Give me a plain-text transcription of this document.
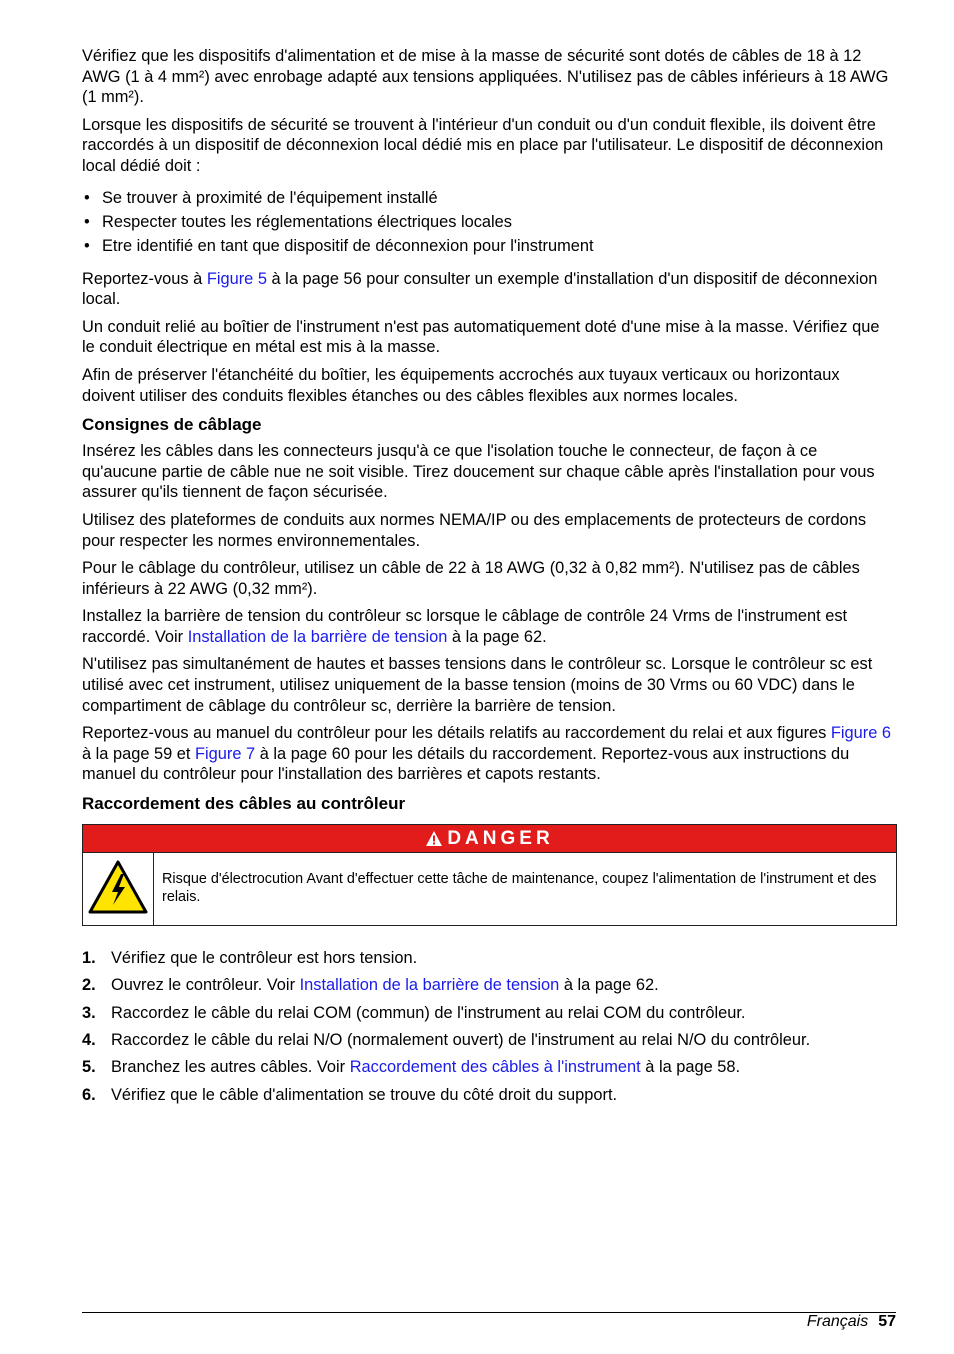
Vérifiez que les dispositifs d'alimentation et de mise à la masse de sécurité sont dotés de câbles de 18 à 12 AWG (1 à 4 mm²) avec enrobage adapté aux tensions appliquées. N'utilisez pas de câbles inférieurs à 18 AWG (1 mm²).

Lorsque les dispositifs de sécurité se trouvent à l'intérieur d'un conduit ou d'un conduit flexible, ils doivent être raccordés à un dispositif de déconnexion local dédié mis en place par l'utilisateur. Le dispositif de déconnexion local dédié doit :

• Se trouver à proximité de l'équipement installé
• Respecter toutes les réglementations électriques locales
• Etre identifié en tant que dispositif de déconnexion pour l'instrument

Reportez-vous à Figure 5 à la page 56 pour consulter un exemple d'installation d'un dispositif de déconnexion local.

Un conduit relié au boîtier de l'instrument n'est pas automatiquement doté d'une mise à la masse. Vérifiez que le conduit électrique en métal est mis à la masse.

Afin de préserver l'étanchéité du boîtier, les équipements accrochés aux tuyaux verticaux ou horizontaux doivent utiliser des conduits flexibles étanches ou des câbles flexibles aux normes locales.

Consignes de câblage

Insérez les câbles dans les connecteurs jusqu'à ce que l'isolation touche le connecteur, de façon à ce qu'aucune partie de câble nue ne soit visible. Tirez doucement sur chaque câble après l'installation pour vous assurer qu'ils tiennent de façon sécurisée.

Utilisez des plateformes de conduits aux normes NEMA/IP ou des emplacements de protecteurs de cordons pour respecter les normes environnementales.

Pour le câblage du contrôleur, utilisez un câble de 22 à 18 AWG (0,32 à 0,82 mm²). N'utilisez pas de câbles inférieurs à 22 AWG (0,32 mm²).

Installez la barrière de tension du contrôleur sc lorsque le câblage de contrôle 24 Vrms de l'instrument est raccordé. Voir Installation de la barrière de tension à la page 62.

N'utilisez pas simultanément de hautes et basses tensions dans le contrôleur sc. Lorsque le contrôleur sc est utilisé avec cet instrument, utilisez uniquement de la basse tension (moins de 30 Vrms ou 60 VDC) dans le compartiment de câblage du contrôleur sc, derrière la barrière de tension.

Reportez-vous au manuel du contrôleur pour les détails relatifs au raccordement du relai et aux figures Figure 6 à la page 59 et Figure 7 à la page 60 pour les détails du raccordement. Reportez-vous aux instructions du manuel du contrôleur pour l'installation des barrières et capots restants.

Raccordement des câbles au contrôleur
DANGER
Risque d'électrocution Avant d'effectuer cette tâche de maintenance, coupez l'alimentation de l'instrument et des relais.
1. Vérifiez que le contrôleur est hors tension.
2. Ouvrez le contrôleur. Voir Installation de la barrière de tension à la page 62.
3. Raccordez le câble du relai COM (commun) de l'instrument au relai COM du contrôleur.
4. Raccordez le câble du relai N/O (normalement ouvert) de l'instrument au relai N/O du contrôleur.
5. Branchez les autres câbles. Voir Raccordement des câbles à l'instrument à la page 58.
6. Vérifiez que le câble d'alimentation se trouve du côté droit du support.
Français 57
